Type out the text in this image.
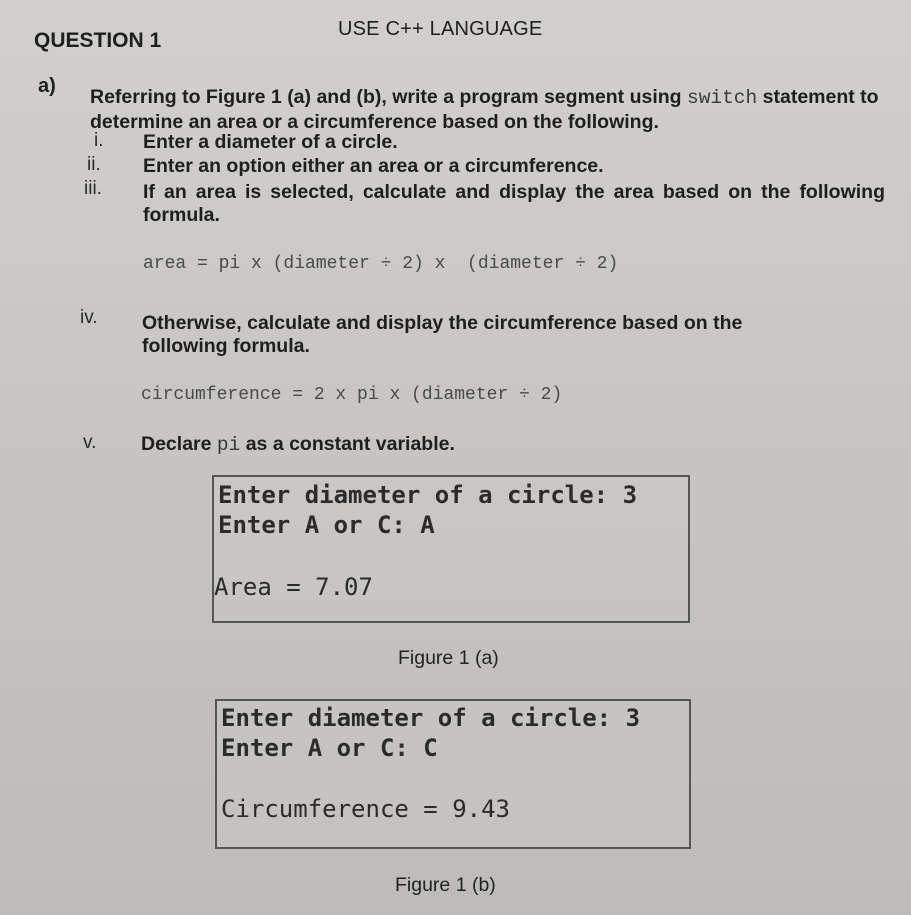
USE C++ LANGUAGE
QUESTION 1
a) Referring to Figure 1 (a) and (b), write a program segment using switch statement to determine an area or a circumference based on the following.
i. Enter a diameter of a circle.
ii. Enter an option either an area or a circumference.
iii. If an area is selected, calculate and display the area based on the following formula.
area = pi x (diameter ÷ 2) x  (diameter ÷ 2)
iv. Otherwise, calculate and display the circumference based on the following formula.
circumference = 2 x pi x (diameter ÷ 2)
v. Declare pi as a constant variable.
Enter diameter of a circle: 3
Enter A or C: A
Area = 7.07
Figure 1 (a)
Enter diameter of a circle: 3
Enter A or C: C
Circumference = 9.43
Figure 1 (b)
